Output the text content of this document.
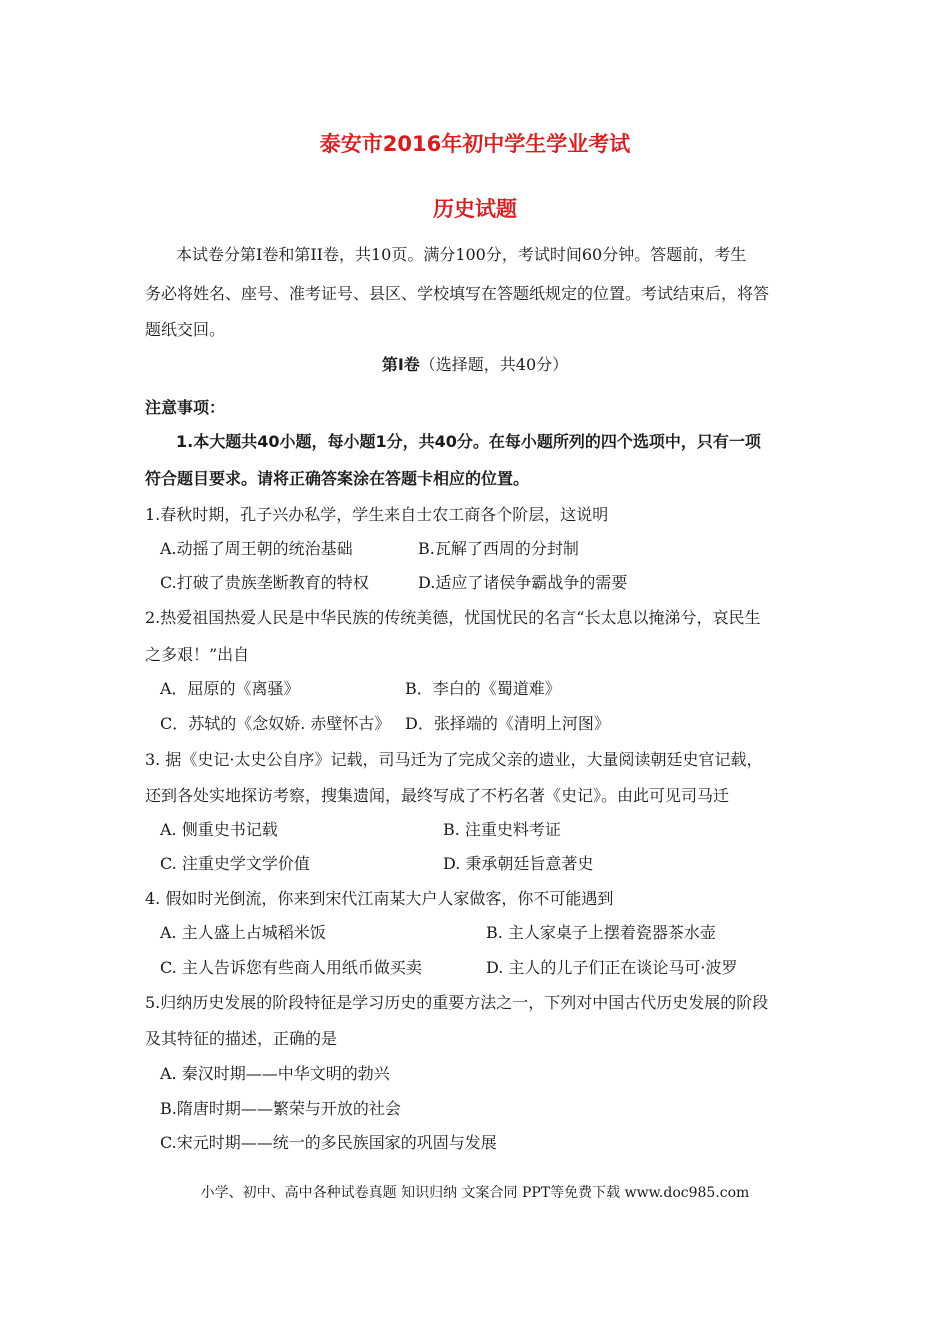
泰安市2016年初中学生学业考试
历史试题
本试卷分第I卷和第II卷，共10页。满分100分，考试时间60分钟。答题前，考生
务必将姓名、座号、准考证号、县区、学校填写在答题纸规定的位置。考试结束后，将答
题纸交回。
第I卷（选择题，共40分）
注意事项：
1.本大题共40小题，每小题1分，共40分。在每小题所列的四个选项中，只有一项
符合题目要求。请将正确答案涂在答题卡相应的位置。
1.春秋时期，孔子兴办私学，学生来自士农工商各个阶层，这说明
A.动摇了周王朝的统治基础	B.瓦解了西周的分封制
C.打破了贵族垄断教育的特权	D.适应了诸侯争霸战争的需要
2.热爱祖国热爱人民是中华民族的传统美德，忧国忧民的名言“长太息以掩涕兮，哀民生
之多艰！”出自
A．屈原的《离骚》	B．李白的《蜀道难》
C．苏轼的《念奴娇. 赤壁怀古》 D．张择端的《清明上河图》
3. 据《史记·太史公自序》记载，司马迁为了完成父亲的遗业，大量阅读朝廷史官记载，
还到各处实地探访考察，搜集遗闻，最终写成了不朽名著《史记》。由此可见司马迁
A. 侧重史书记载	B. 注重史料考证
C. 注重史学文学价值	D. 秉承朝廷旨意著史
4. 假如时光倒流，你来到宋代江南某大户人家做客，你不可能遇到
A. 主人盛上占城稻米饭	B. 主人家桌子上摆着瓷器茶水壶
C. 主人告诉您有些商人用纸币做买卖	D. 主人的儿子们正在谈论马可·波罗
5.归纳历史发展的阶段特征是学习历史的重要方法之一，下列对中国古代历史发展的阶段
及其特征的描述，正确的是
A. 秦汉时期——中华文明的勃兴
B.隋唐时期——繁荣与开放的社会
C.宋元时期——统一的多民族国家的巩固与发展
小学、初中、高中各种试卷真题 知识归纳 文案合同 PPT等免费下载 www.doc985.com
